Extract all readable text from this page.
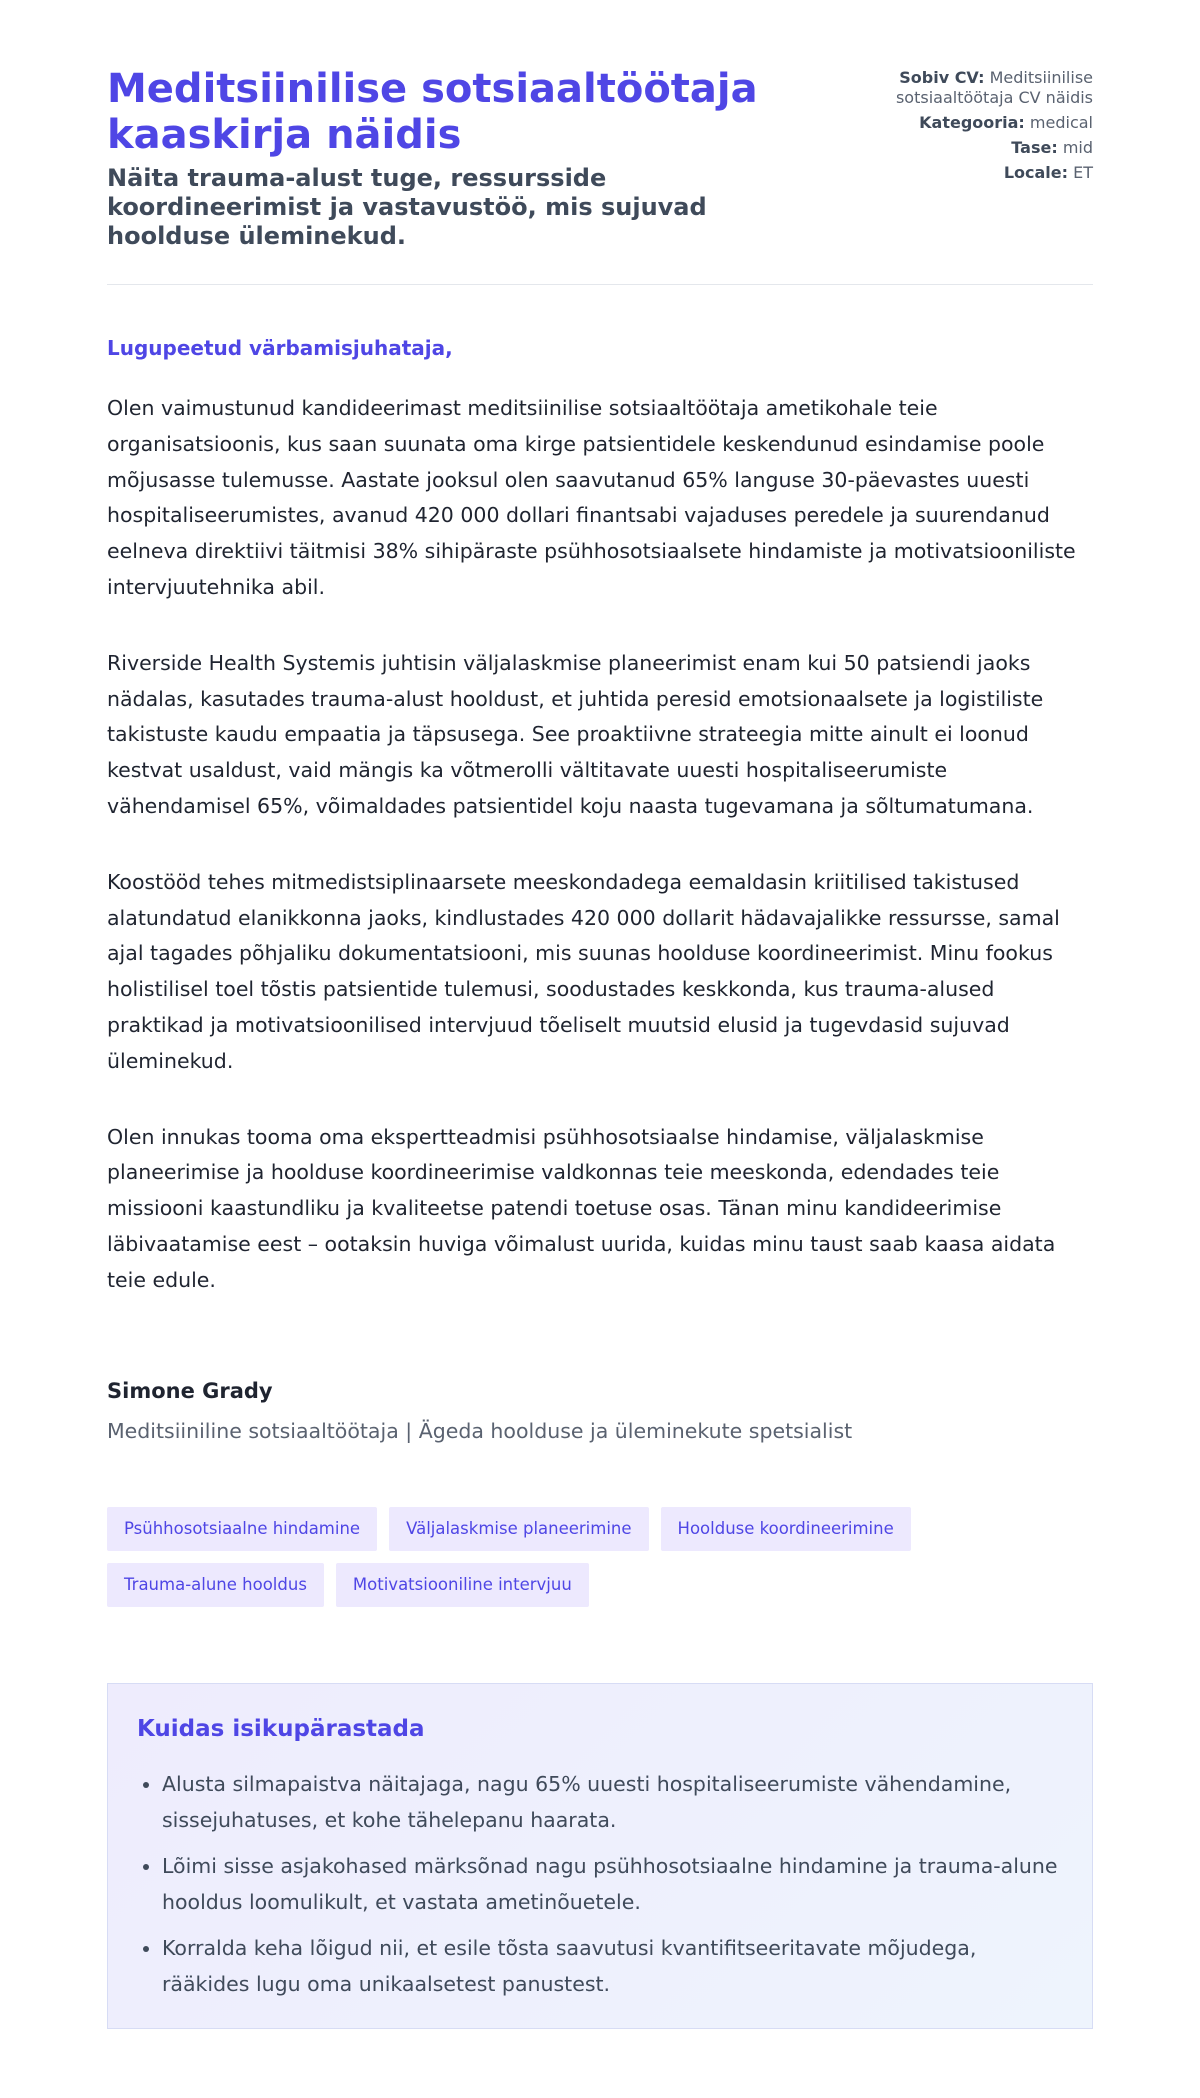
Meditsiinilise sotsiaaltöötaja kaaskirja näidis
Näita trauma-alust tuge, ressursside koordineerimist ja vastavustöö, mis sujuvad hoolduse üleminekud.
Sobiv CV: Meditsiinilise sotsiaaltöötaja CV näidis
Kategooria: medical
Tase: mid
Locale: ET
Lugupeetud värbamisjuhataja,

Olen vaimustunud kandideerimast meditsiinilise sotsiaaltöötaja ametikohale teie organisatsioonis, kus saan suunata oma kirge patsientidele keskendunud esindamise poole mõjusasse tulemusse. Aastate jooksul olen saavutanud 65% languse 30-päevastes uuesti hospitaliseerumistes, avanud 420 000 dollari finantsabi vajaduses peredele ja suurendanud eelneva direktiivi täitmisi 38% sihipäraste psühhosotsiaalsete hindamiste ja motivatsiooniliste intervjuutehnika abil.

Riverside Health Systemis juhtisin väljalaskmise planeerimist enam kui 50 patsiendi jaoks nädalas, kasutades trauma-alust hooldust, et juhtida peresid emotsionaalsete ja logistiliste takistuste kaudu empaatia ja täpsusega. See proaktiivne strateegia mitte ainult ei loonud kestvat usaldust, vaid mängis ka võtmerolli vältitavate uuesti hospitaliseerumiste vähendamisel 65%, võimaldades patsientidel koju naasta tugevamana ja sõltumatumana.

Koostööd tehes mitmedistsiplinaarsete meeskondadega eemaldasin kriitilised takistused alatundatud elanikkonna jaoks, kindlustades 420 000 dollarit hädavajalikke ressursse, samal ajal tagades põhjaliku dokumentatsiooni, mis suunas hoolduse koordineerimist. Minu fookus holistilisel toel tõstis patsientide tulemusi, soodustades keskkonda, kus trauma-alused praktikad ja motivatsioonilised intervjuud tõeliselt muutsid elusid ja tugevdasid sujuvad üleminekud.

Olen innukas tooma oma ekspertteadmisi psühhosotsiaalse hindamise, väljalaskmise planeerimise ja hoolduse koordineerimise valdkonnas teie meeskonda, edendades teie missiooni kaastundliku ja kvaliteetse patendi toetuse osas. Tänan minu kandideerimise läbivaatamise eest – ootaksin huviga võimalust uurida, kuidas minu taust saab kaasa aidata teie edule.

Simone Grady
Meditsiiniline sotsiaaltöötaja | Ägeda hoolduse ja üleminekute spetsialist
Psühhosotsiaalne hindamine	Väljalaskmise planeerimine	Hoolduse koordineerimine
Trauma-alune hooldus	Motivatsiooniline intervjuu
Kuidas isikupärastada
• Alusta silmapaistva näitajaga, nagu 65% uuesti hospitaliseerumiste vähendamine, sissejuhatuses, et kohe tähelepanu haarata.
• Lõimi sisse asjakohased märksõnad nagu psühhosotsiaalne hindamine ja trauma-alune hooldus loomulikult, et vastata ametinõuetele.
• Korralda keha lõigud nii, et esile tõsta saavutusi kvantifitseeritavate mõjudega, rääkides lugu oma unikaalsetest panustest.
